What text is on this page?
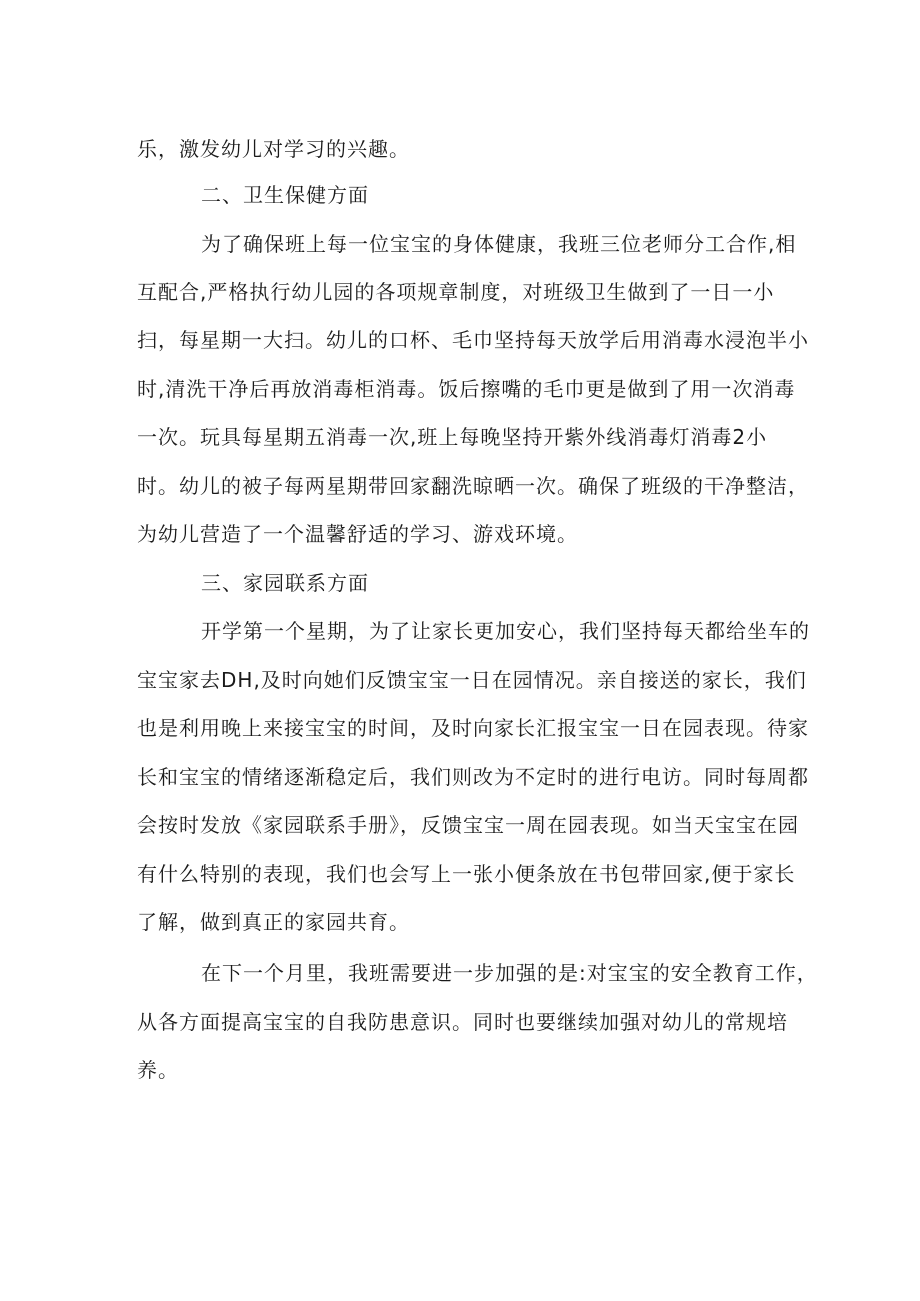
乐，激发幼儿对学习的兴趣。
二、卫生保健方面
为了确保班上每一位宝宝的身体健康，我班三位老师分工合作,相
互配合,严格执行幼儿园的各项规章制度，对班级卫生做到了一日一小
扫，每星期一大扫。幼儿的口杯、毛巾坚持每天放学后用消毒水浸泡半小
时,清洗干净后再放消毒柜消毒。饭后擦嘴的毛巾更是做到了用一次消毒
一次。玩具每星期五消毒一次,班上每晚坚持开紫外线消毒灯消毒2小
时。幼儿的被子每两星期带回家翻洗晾晒一次。确保了班级的干净整洁，
为幼儿营造了一个温馨舒适的学习、游戏环境。
三、家园联系方面
开学第一个星期，为了让家长更加安心，我们坚持每天都给坐车的
宝宝家去DH,及时向她们反馈宝宝一日在园情况。亲自接送的家长，我们
也是利用晚上来接宝宝的时间，及时向家长汇报宝宝一日在园表现。待家
长和宝宝的情绪逐渐稳定后，我们则改为不定时的进行电访。同时每周都
会按时发放《家园联系手册》，反馈宝宝一周在园表现。如当天宝宝在园
有什么特别的表现，我们也会写上一张小便条放在书包带回家,便于家长
了解，做到真正的家园共育。
在下一个月里，我班需要进一步加强的是:对宝宝的安全教育工作，
从各方面提高宝宝的自我防患意识。同时也要继续加强对幼儿的常规培
养。
